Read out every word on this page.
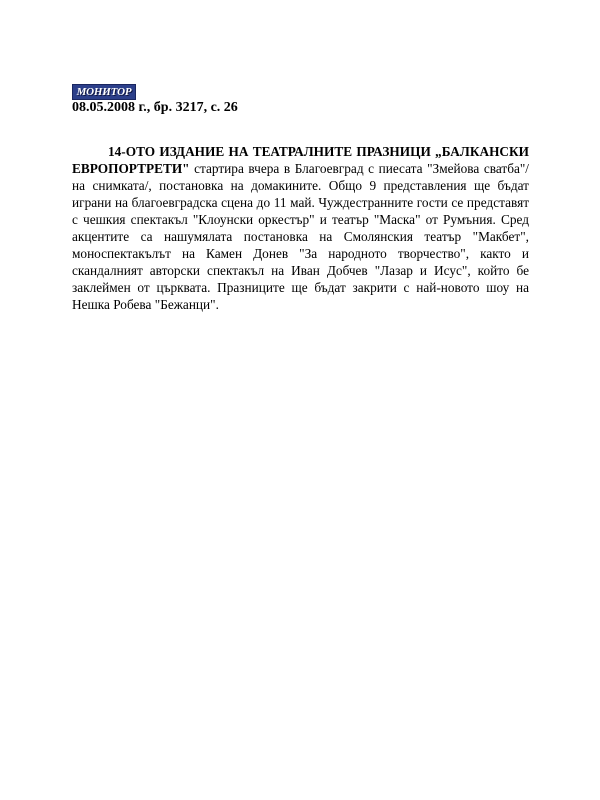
МОНИТОР
08.05.2008 г., бр. 3217, с. 26

14-ОТО ИЗДАНИЕ НА ТЕАТРАЛНИТЕ ПРАЗНИЦИ „БАЛКАНСКИ ЕВРОПОРТРЕТИ" стартира вчера в Благоевград с пиесата "Змейова сватба"/на снимката/, постановка на домакините. Общо 9 представления ще бъдат играни на благоевградска сцена до 11 май. Чуждестранните гости се представят с чешкия спектакъл "Клоунски оркестър" и театър "Маска" от Румъния. Сред акцентите са нашумялата постановка на Смолянския театър "Макбет", моноспектакълът на Камен Донев "За народното творчество", както и скандалният авторски спектакъл на Иван Добчев "Лазар и Исус", който бе заклеймен от църквата. Празниците ще бъдат закрити с най-новото шоу на Нешка Робева "Бежанци".
